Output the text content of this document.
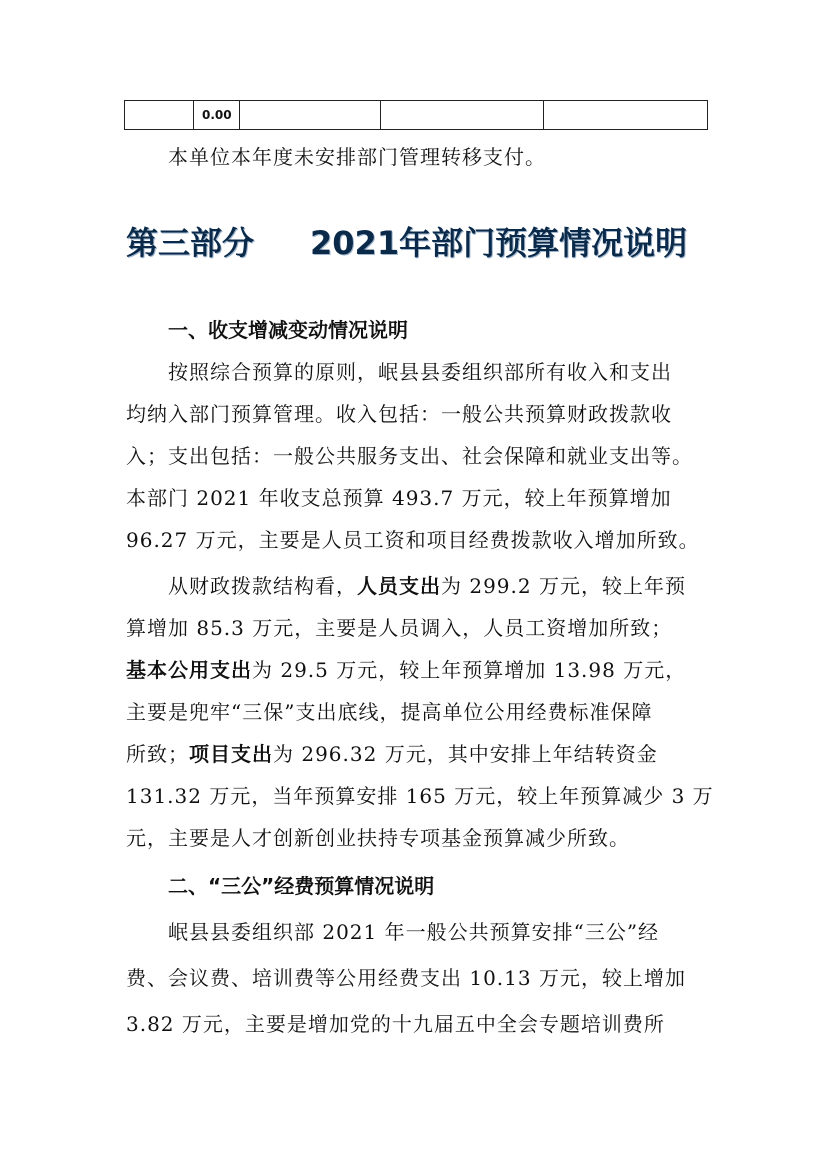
0.00
本单位本年度未安排部门管理转移支付。
第三部分 2021年部门预算情况说明
一、收支增减变动情况说明
按照综合预算的原则，岷县县委组织部所有收入和支出
均纳入部门预算管理。收入包括：一般公共预算财政拨款收
入；支出包括：一般公共服务支出、社会保障和就业支出等。
本部门 2021 年收支总预算 493.7 万元，较上年预算增加
96.27 万元，主要是人员工资和项目经费拨款收入增加所致。
从财政拨款结构看，人员支出为 299.2 万元，较上年预
算增加 85.3 万元，主要是人员调入，人员工资增加所致；
基本公用支出为 29.5 万元，较上年预算增加 13.98 万元，
主要是兜牢“三保”支出底线，提高单位公用经费标准保障
所致；项目支出为 296.32 万元，其中安排上年结转资金
131.32 万元，当年预算安排 165 万元，较上年预算减少 3 万
元，主要是人才创新创业扶持专项基金预算减少所致。
二、“三公”经费预算情况说明
岷县县委组织部 2021 年一般公共预算安排“三公”经
费、会议费、培训费等公用经费支出 10.13 万元，较上增加
3.82 万元，主要是增加党的十九届五中全会专题培训费所
